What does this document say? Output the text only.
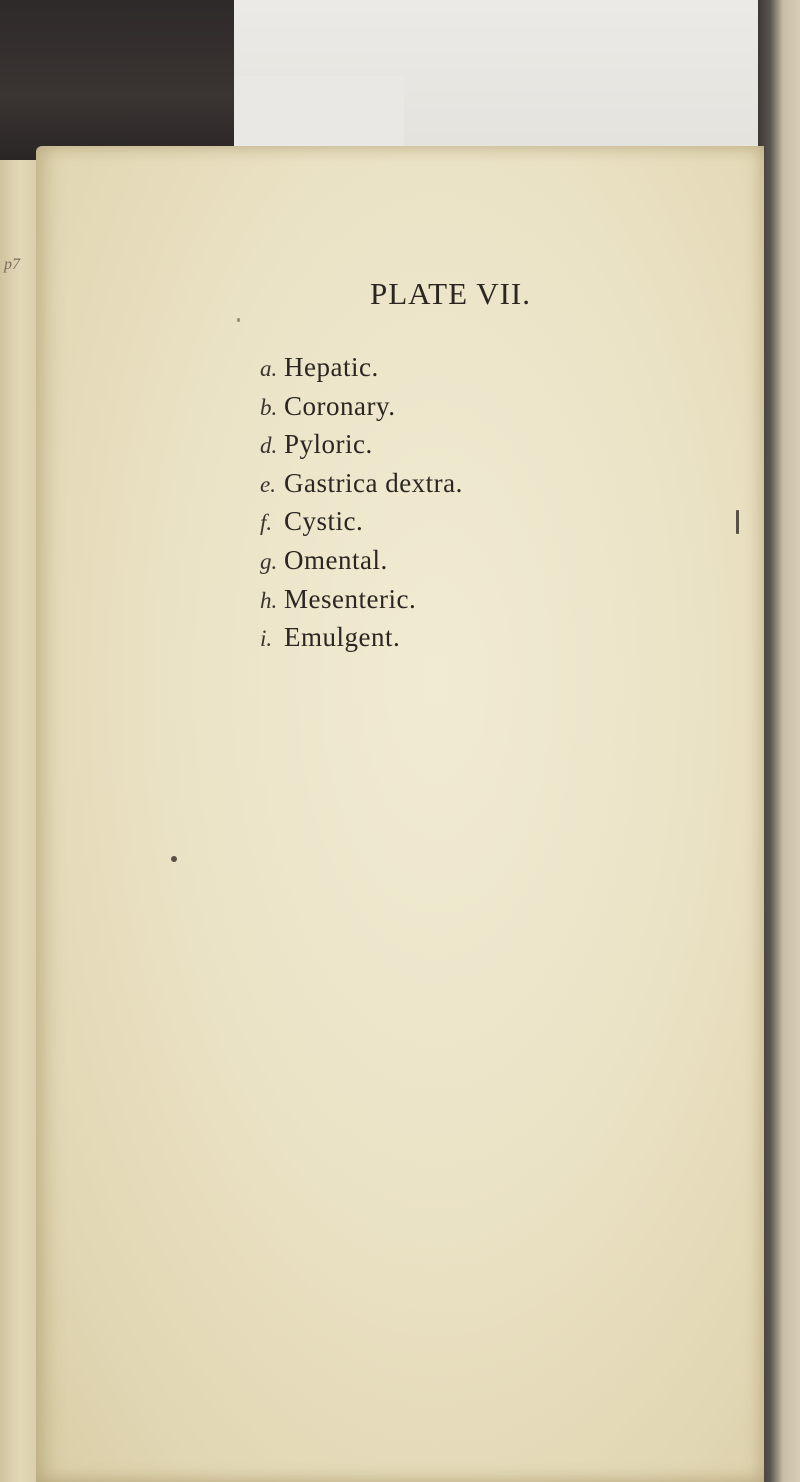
p7
PLATE VII.
a. Hepatic.
b. Coronary.
d. Pyloric.
e. Gastrica dextra.
f. Cystic.
g. Omental.
h. Mesenteric.
i. Emulgent.
